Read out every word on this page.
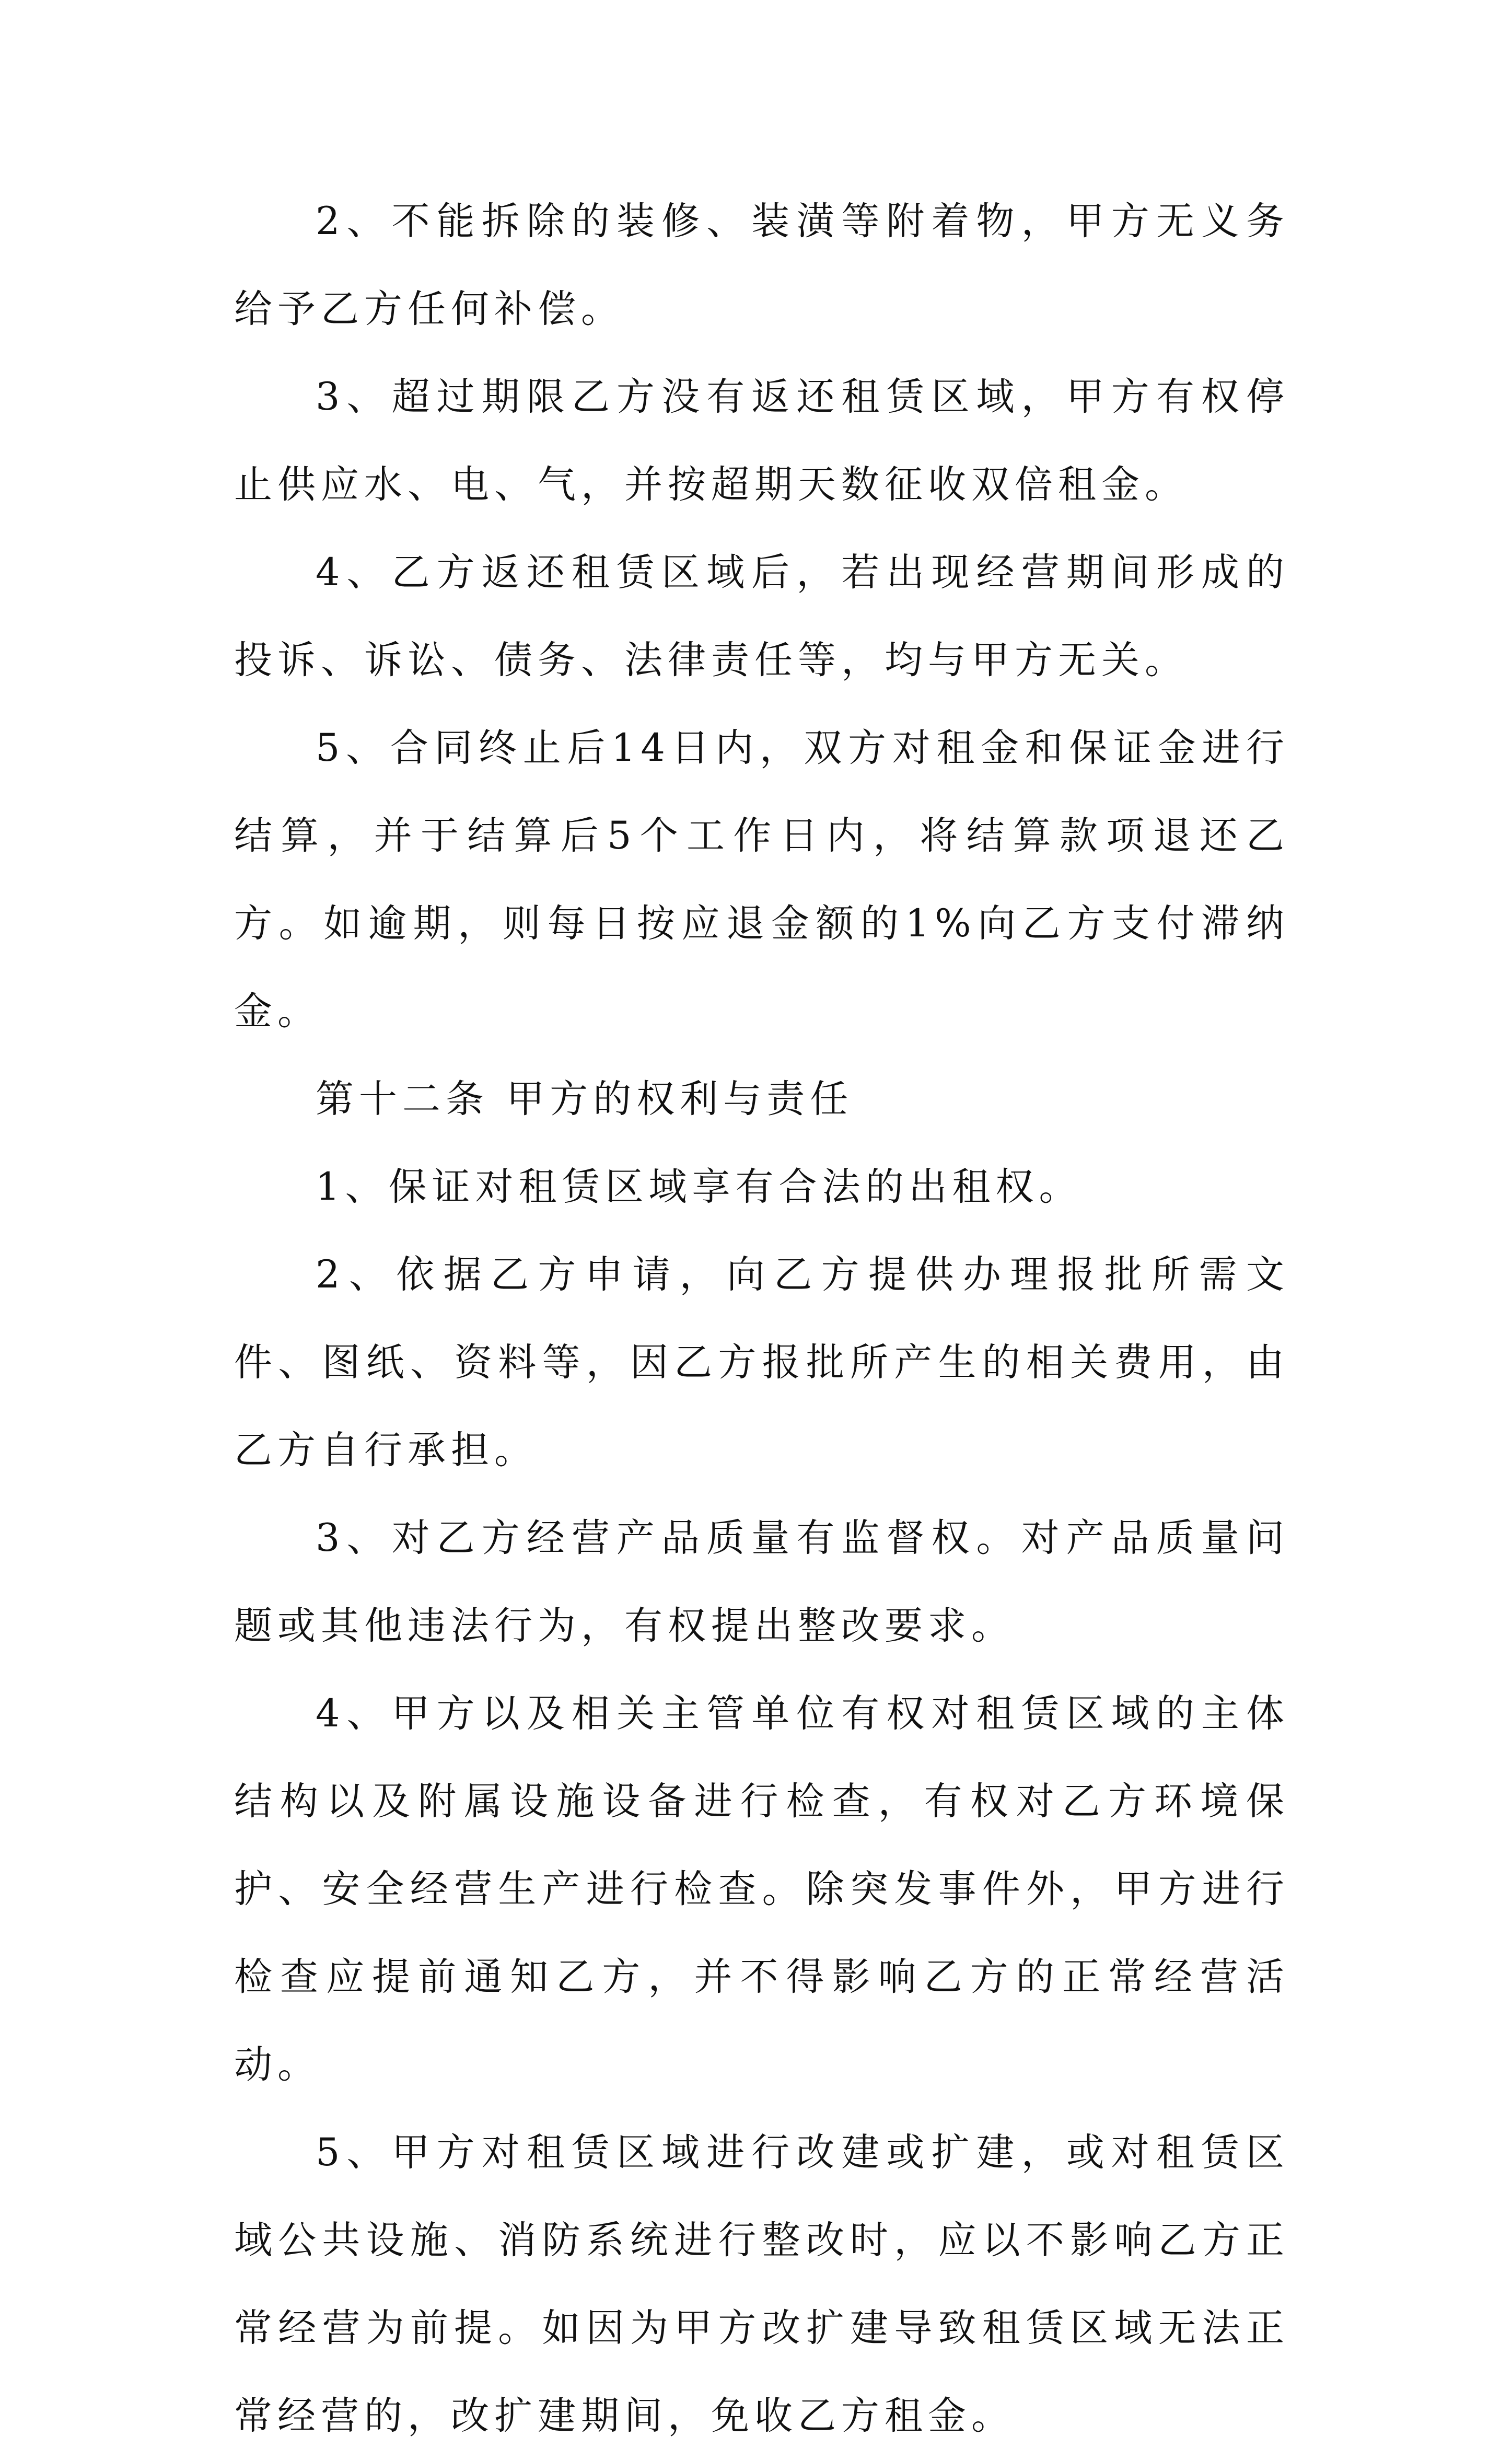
2、不能拆除的装修、装潢等附着物，甲方无义务给予乙方任何补偿。

3、超过期限乙方没有返还租赁区域，甲方有权停止供应水、电、气，并按超期天数征收双倍租金。

4、乙方返还租赁区域后，若出现经营期间形成的投诉、诉讼、债务、法律责任等，均与甲方无关。

5、合同终止后14日内，双方对租金和保证金进行结算，并于结算后5个工作日内，将结算款项退还乙方。如逾期，则每日按应退金额的1%向乙方支付滞纳金。

第十二条 甲方的权利与责任

1、保证对租赁区域享有合法的出租权。

2、依据乙方申请，向乙方提供办理报批所需文件、图纸、资料等，因乙方报批所产生的相关费用，由乙方自行承担。

3、对乙方经营产品质量有监督权。对产品质量问题或其他违法行为，有权提出整改要求。

4、甲方以及相关主管单位有权对租赁区域的主体结构以及附属设施设备进行检查，有权对乙方环境保护、安全经营生产进行检查。除突发事件外，甲方进行检查应提前通知乙方，并不得影响乙方的正常经营活动。

5、甲方对租赁区域进行改建或扩建，或对租赁区域公共设施、消防系统进行整改时，应以不影响乙方正常经营为前提。如因为甲方改扩建导致租赁区域无法正常经营的，改扩建期间，免收乙方租金。
